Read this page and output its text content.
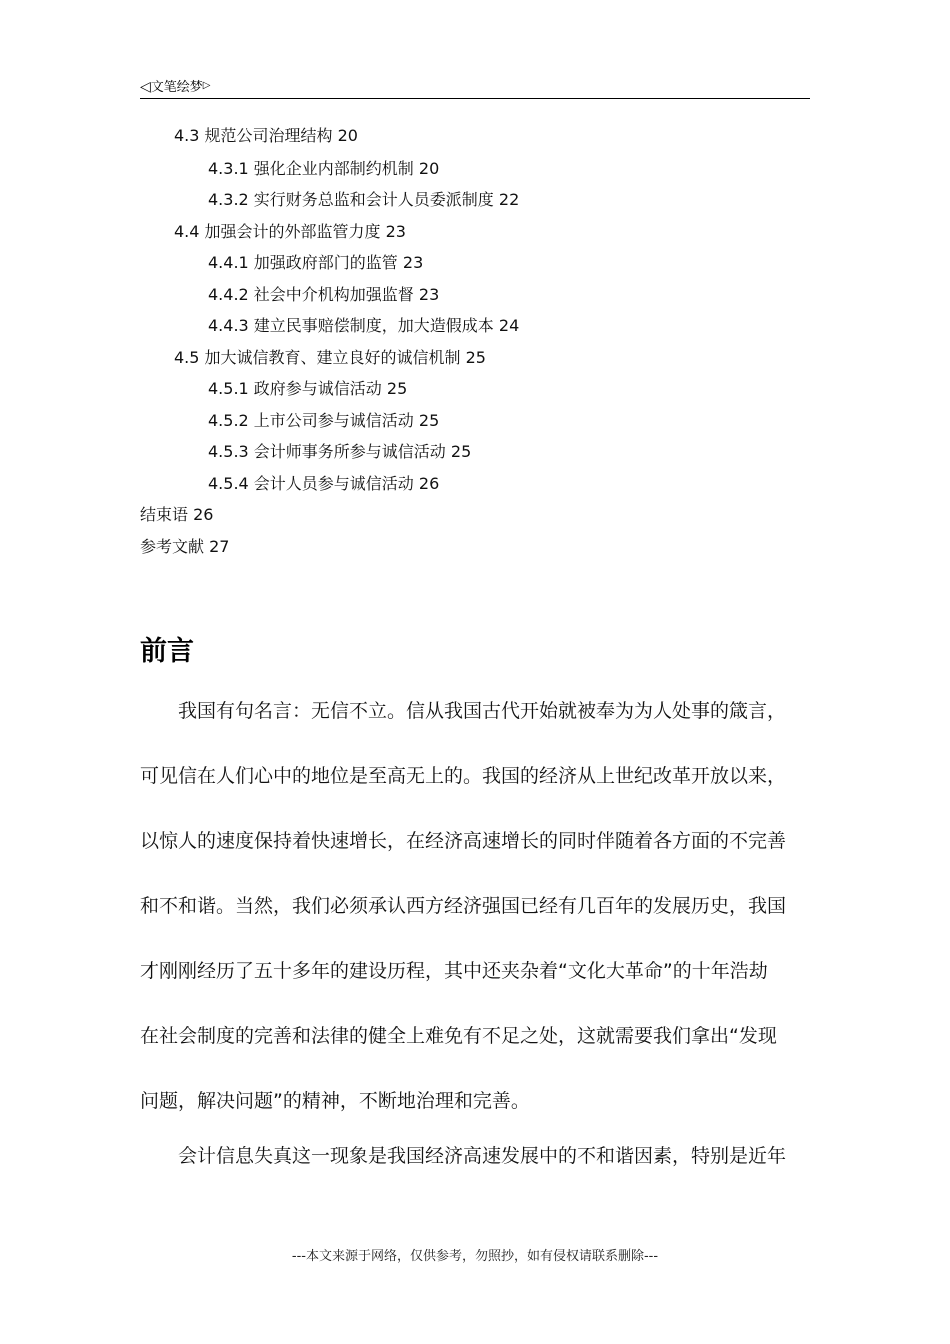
◁文笔绘梦▷
4.3 规范公司治理结构 20
4.3.1 强化企业内部制约机制 20
4.3.2 实行财务总监和会计人员委派制度 22
4.4 加强会计的外部监管力度 23
4.4.1 加强政府部门的监管 23
4.4.2 社会中介机构加强监督 23
4.4.3 建立民事赔偿制度，加大造假成本 24
4.5 加大诚信教育、建立良好的诚信机制 25
4.5.1 政府参与诚信活动 25
4.5.2 上市公司参与诚信活动 25
4.5.3 会计师事务所参与诚信活动 25
4.5.4 会计人员参与诚信活动 26
结束语 26
参考文献 27
前言
我国有句名言：无信不立。信从我国古代开始就被奉为为人处事的箴言，
可见信在人们心中的地位是至高无上的。我国的经济从上世纪改革开放以来，
以惊人的速度保持着快速增长，在经济高速增长的同时伴随着各方面的不完善
和不和谐。当然，我们必须承认西方经济强国已经有几百年的发展历史，我国
才刚刚经历了五十多年的建设历程，其中还夹杂着“文化大革命”的十年浩劫
在社会制度的完善和法律的健全上难免有不足之处，这就需要我们拿出“发现
问题，解决问题”的精神，不断地治理和完善。
会计信息失真这一现象是我国经济高速发展中的不和谐因素，特别是近年
---本文来源于网络，仅供参考，勿照抄，如有侵权请联系删除---
